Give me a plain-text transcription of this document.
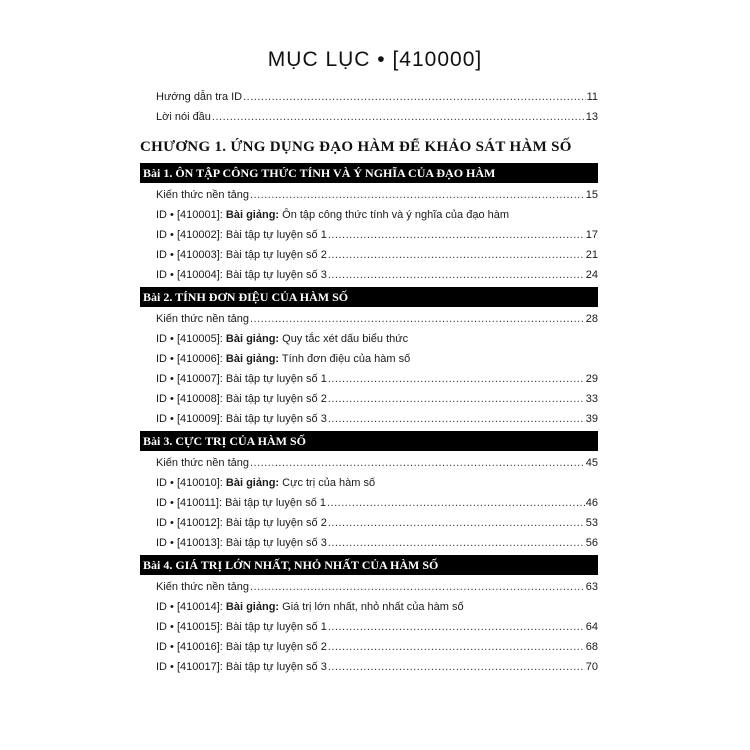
MỤC LỤC • [410000]
Hướng dẫn tra ID .....	11
Lời nói đầu .....	13
CHƯƠNG 1. ỨNG DỤNG ĐẠO HÀM ĐỂ KHẢO SÁT HÀM SỐ
Bài 1. ÔN TẬP CÔNG THỨC TÍNH VÀ Ý NGHĨA CỦA ĐẠO HÀM
Kiến thức nền tảng .....	15
ID • [410001]: Bài giảng: Ôn tập công thức tính và ý nghĩa của đạo hàm
ID • [410002]: Bài tập tự luyện số 1 .....	17
ID • [410003]: Bài tập tự luyện số 2 .....	21
ID • [410004]: Bài tập tự luyện số 3 .....	24
Bài 2. TÍNH ĐƠN ĐIỆU CỦA HÀM SỐ
Kiến thức nền tảng .....	28
ID • [410005]: Bài giảng: Quy tắc xét dấu biểu thức
ID • [410006]: Bài giảng: Tính đơn điệu của hàm số
ID • [410007]: Bài tập tự luyện số 1 .....	29
ID • [410008]: Bài tập tự luyện số 2 .....	33
ID • [410009]: Bài tập tự luyện số 3 .....	39
Bài 3. CỰC TRỊ CỦA HÀM SỐ
Kiến thức nền tảng .....	45
ID • [410010]: Bài giảng: Cực trị của hàm số
ID • [410011]: Bài tập tự luyện số 1 .....	46
ID • [410012]: Bài tập tự luyện số 2 .....	53
ID • [410013]: Bài tập tự luyện số 3 .....	56
Bài 4. GIÁ TRỊ LỚN NHẤT, NHỎ NHẤT CỦA HÀM SỐ
Kiến thức nền tảng .....	63
ID • [410014]: Bài giảng: Giá trị lớn nhất, nhỏ nhất của hàm số
ID • [410015]: Bài tập tự luyện số 1 .....	64
ID • [410016]: Bài tập tự luyện số 2 .....	68
ID • [410017]: Bài tập tự luyện số 3 .....	70
